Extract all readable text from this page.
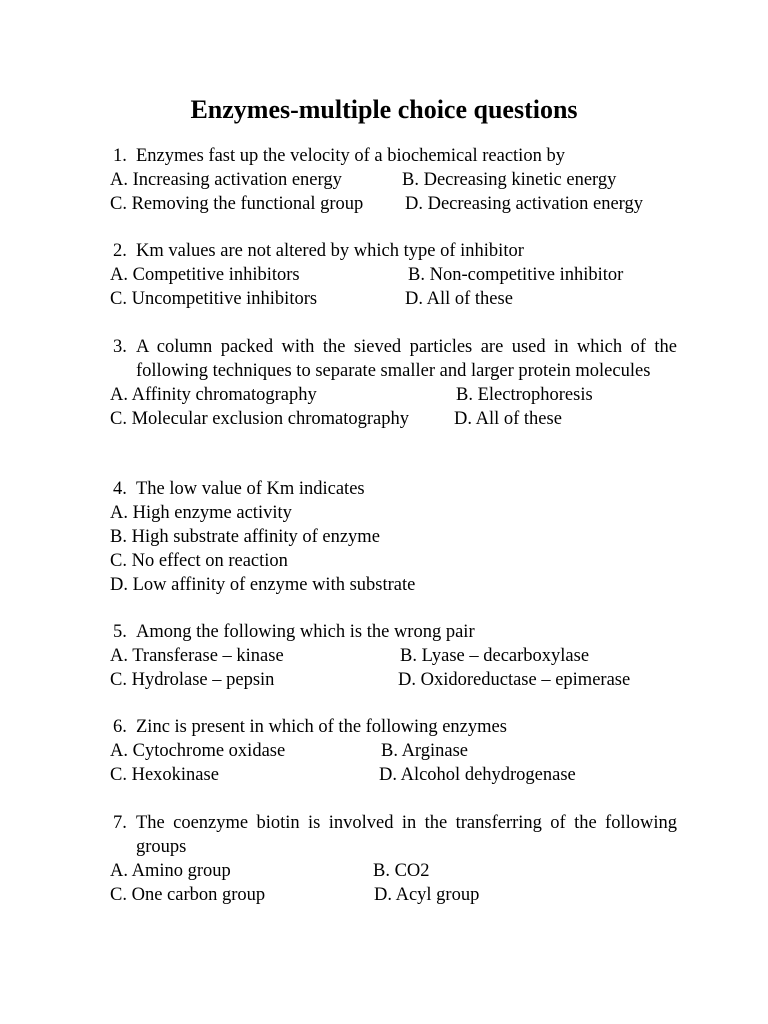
Enzymes-multiple choice questions
1. Enzymes fast up the velocity of a biochemical reaction by
A. Increasing activation energy	B. Decreasing kinetic energy
C. Removing the functional group D. Decreasing activation energy
2. Km values are not altered by which type of inhibitor
A. Competitive inhibitors	B. Non-competitive inhibitor
C. Uncompetitive inhibitors	D. All of these
3. A column packed with the sieved particles are used in which of the following techniques to separate smaller and larger protein molecules
A. Affinity chromatography	B. Electrophoresis
C. Molecular exclusion chromatography D. All of these
4. The low value of Km indicates
A. High enzyme activity
B. High substrate affinity of enzyme
C. No effect on reaction
D. Low affinity of enzyme with substrate
5. Among the following which is the wrong pair
A. Transferase – kinase	B. Lyase – decarboxylase
C. Hydrolase – pepsin	D. Oxidoreductase – epimerase
6. Zinc is present in which of the following enzymes
A. Cytochrome oxidase	B. Arginase
C. Hexokinase	D. Alcohol dehydrogenase
7. The coenzyme biotin is involved in the transferring of the following groups
A. Amino group	B. CO2
C. One carbon group	D. Acyl group
